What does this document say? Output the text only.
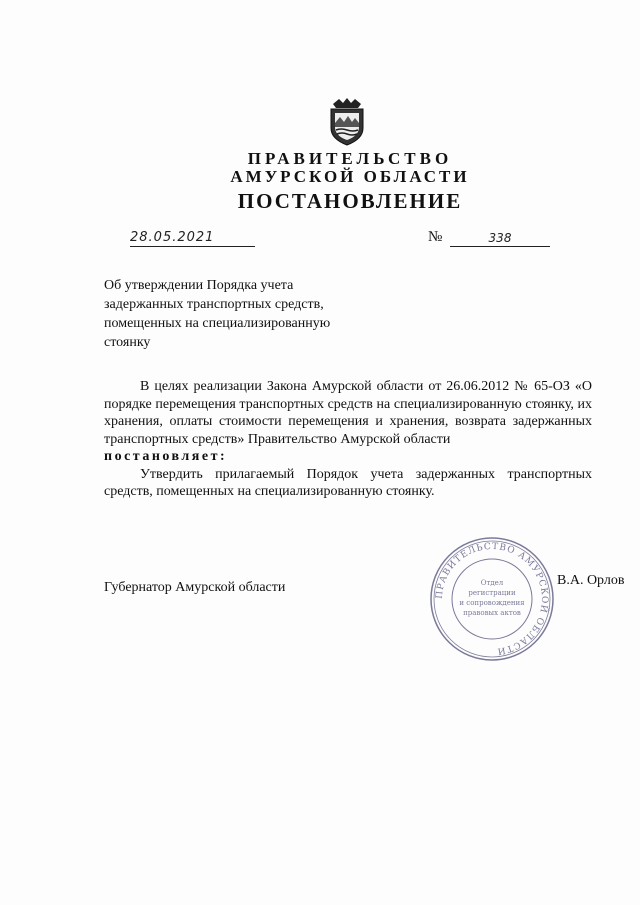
ПРАВИТЕЛЬСТВО
АМУРСКОЙ ОБЛАСТИ
ПОСТАНОВЛЕНИЕ
28.05.2021	№	338
Об утверждении Порядка учета
задержанных транспортных средств,
помещенных на специализированную
стоянку

В целях реализации Закона Амурской области от 26.06.2012 № 65-ОЗ «О порядке перемещения транспортных средств на специализированную стоянку, их хранения, оплаты стоимости перемещения и хранения, возврата задержанных транспортных средств» Правительство Амурской области

постановляет:

Утвердить прилагаемый Порядок учета задержанных транспортных средств, помещенных на специализированную стоянку.

Губернатор Амурской области	ПРАВИТЕЛЬСТВО АМУРСКОЙ ОБЛАСТИ
Отдел
регистрации
и сопровождения
правовых актов
В.А. Орлов
